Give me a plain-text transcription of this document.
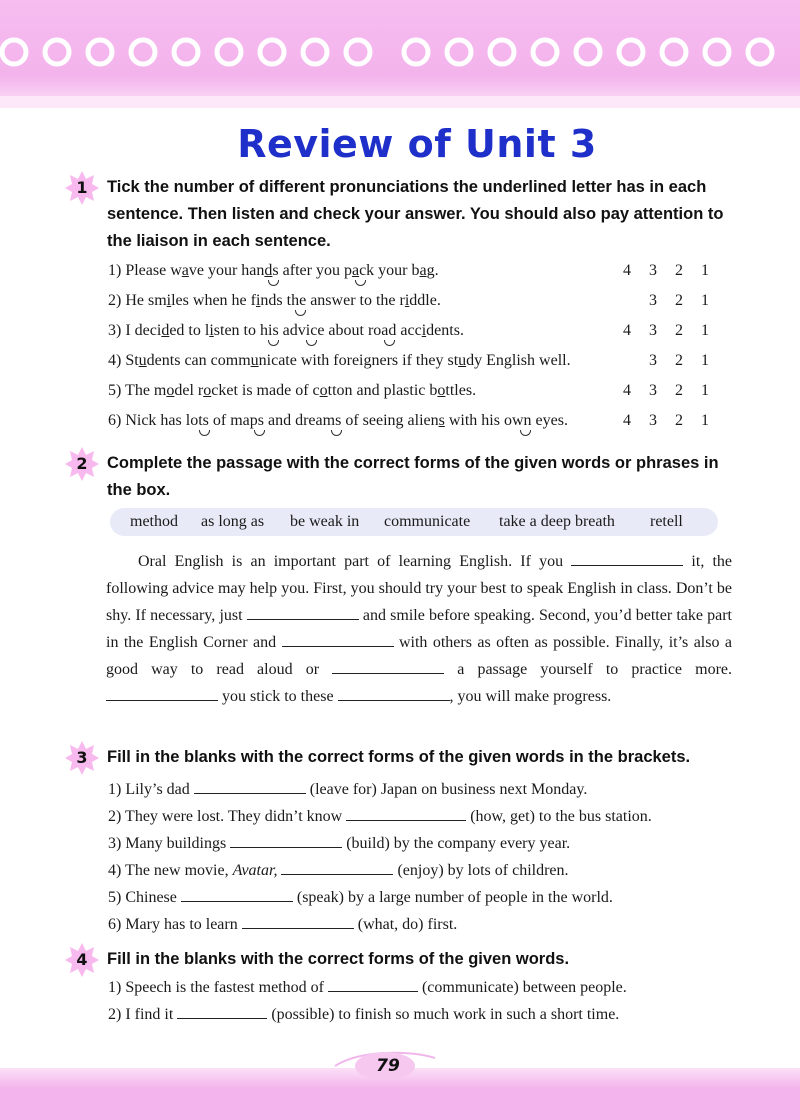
Review of Unit 3
1	Tick the number of different pronunciations the underlined letter has in each sentence. Then listen and check your answer. You should also pay attention to the liaison in each sentence.
1) Please wave your hands after you pack your bag.	4 3 2 1
2) He smiles when he finds the answer to the riddle.	3 2 1
3) I decided to listen to his advice about road accidents.	4 3 2 1
4) Students can communicate with foreigners if they study English well.	3 2 1
5) The model rocket is made of cotton and plastic bottles.	4 3 2 1
6) Nick has lots of maps and dreams of seeing aliens with his own eyes.	4 3 2 1
2	Complete the passage with the correct forms of the given words or phrases in the box.
method as long as be weak in communicate take a deep breath retell
Oral English is an important part of learning English. If you	it, the following advice may help you. First, you should try your best to speak English in class. Don’t be shy. If necessary, just	and smile before speaking. Second, you’d better take part in the English Corner and	with others as often as possible. Finally, it’s also a good way to read aloud or	a passage yourself to practice more.  you stick to these	, you will make progress.
3	Fill in the blanks with the correct forms of the given words in the brackets.
1) Lily’s dad	(leave for) Japan on business next Monday.
2) They were lost. They didn’t know	(how, get) to the bus station.
3) Many buildings	(build) by the company every year.
4) The new movie, Avatar,	(enjoy) by lots of children.
5) Chinese	(speak) by a large number of people in the world.
6) Mary has to learn	(what, do) first.
4	Fill in the blanks with the correct forms of the given words.
1) Speech is the fastest method of	(communicate) between people.
2) I find it	(possible) to finish so much work in such a short time.
79
